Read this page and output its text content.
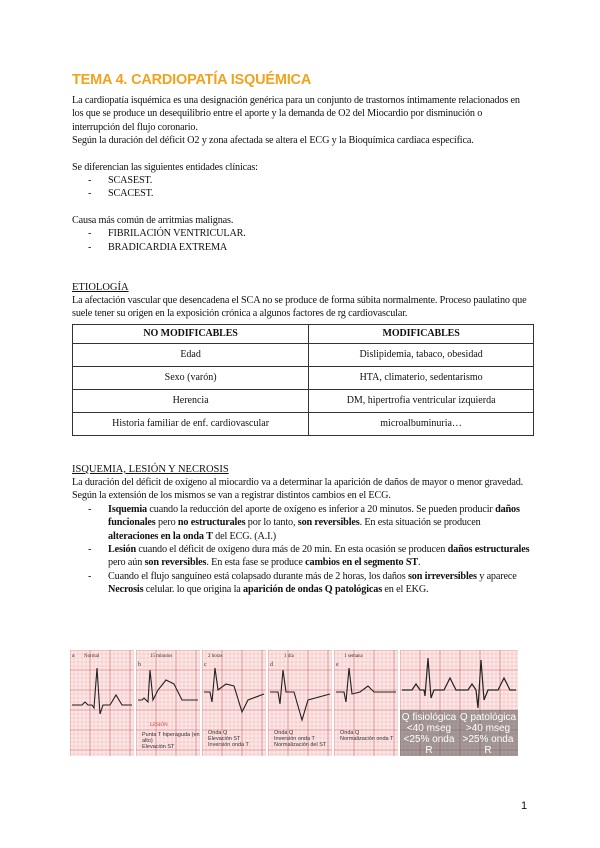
TEMA 4. CARDIOPATÍA ISQUÉMICA

La cardiopatía isquémica es una designación genérica para un conjunto de trastornos íntimamente relacionados en los que se produce un desequilibrio entre el aporte y la demanda de O2 del Miocardio por disminución o interrupción del flujo coronario.

Según la duración del déficit O2 y zona afectada se altera el ECG y la Bioquímica cardiaca específica.

Se diferencian las siguientes entidades clínicas:

- SCASEST.
- SCACEST.

Causa más común de arritmias malignas.

- FIBRILACIÓN VENTRICULAR.
- BRADICARDIA EXTREMA
ETIOLOGÍA

La afectación vascular que desencadena el SCA no se produce de forma súbita normalmente. Proceso paulatino que suele tener su origen en la exposición crónica a algunos factores de rg cardiovascular.

NO MODIFICABLES	MODIFICABLES
Edad	Dislipidemia, tabaco, obesidad
Sexo (varón)	HTA, climaterio, sedentarismo
Herencia	DM, hipertrofia ventricular izquierda
Historia familiar de enf. cardiovascular	microalbuminuria…
ISQUEMIA, LESIÓN Y NECROSIS

La duración del déficit de oxígeno al miocardio va a determinar la aparición de daños de mayor o menor gravedad. Según la extensión de los mismos se van a registrar distintos cambios en el ECG.

- Isquemia cuando la reducción del aporte de oxígeno es inferior a 20 minutos. Se pueden producir daños funcionales pero no estructurales por lo tanto, son reversibles. En esta situación se producen alteraciones en la onda T del ECG. (A.I.)
- Lesión cuando el déficit de oxígeno dura más de 20 min. En esta ocasión se producen daños estructurales pero aún son reversibles. En esta fase se produce cambios en el segmento ST.
- Cuando el flujo sanguíneo está colapsado durante más de 2 horas, los daños son irreversibles y aparece Necrosis celular. lo que origina la aparición de ondas Q patológicas en el EKG.
Normal
a
b
15 minutos
LESIÓN
c
2 horas
d
1 día
e
1 semana
Q fisiológica
<40 mseg
<25% onda R
Q patológica
>40 mseg
>25% onda R
Punta T hiperaguda (en alto)
Elevación ST
Onda Q
Elevación ST
Inversión onda T
Onda Q
Inversión onda T
Normalización del ST
Onda Q
Normalización onda T
1
